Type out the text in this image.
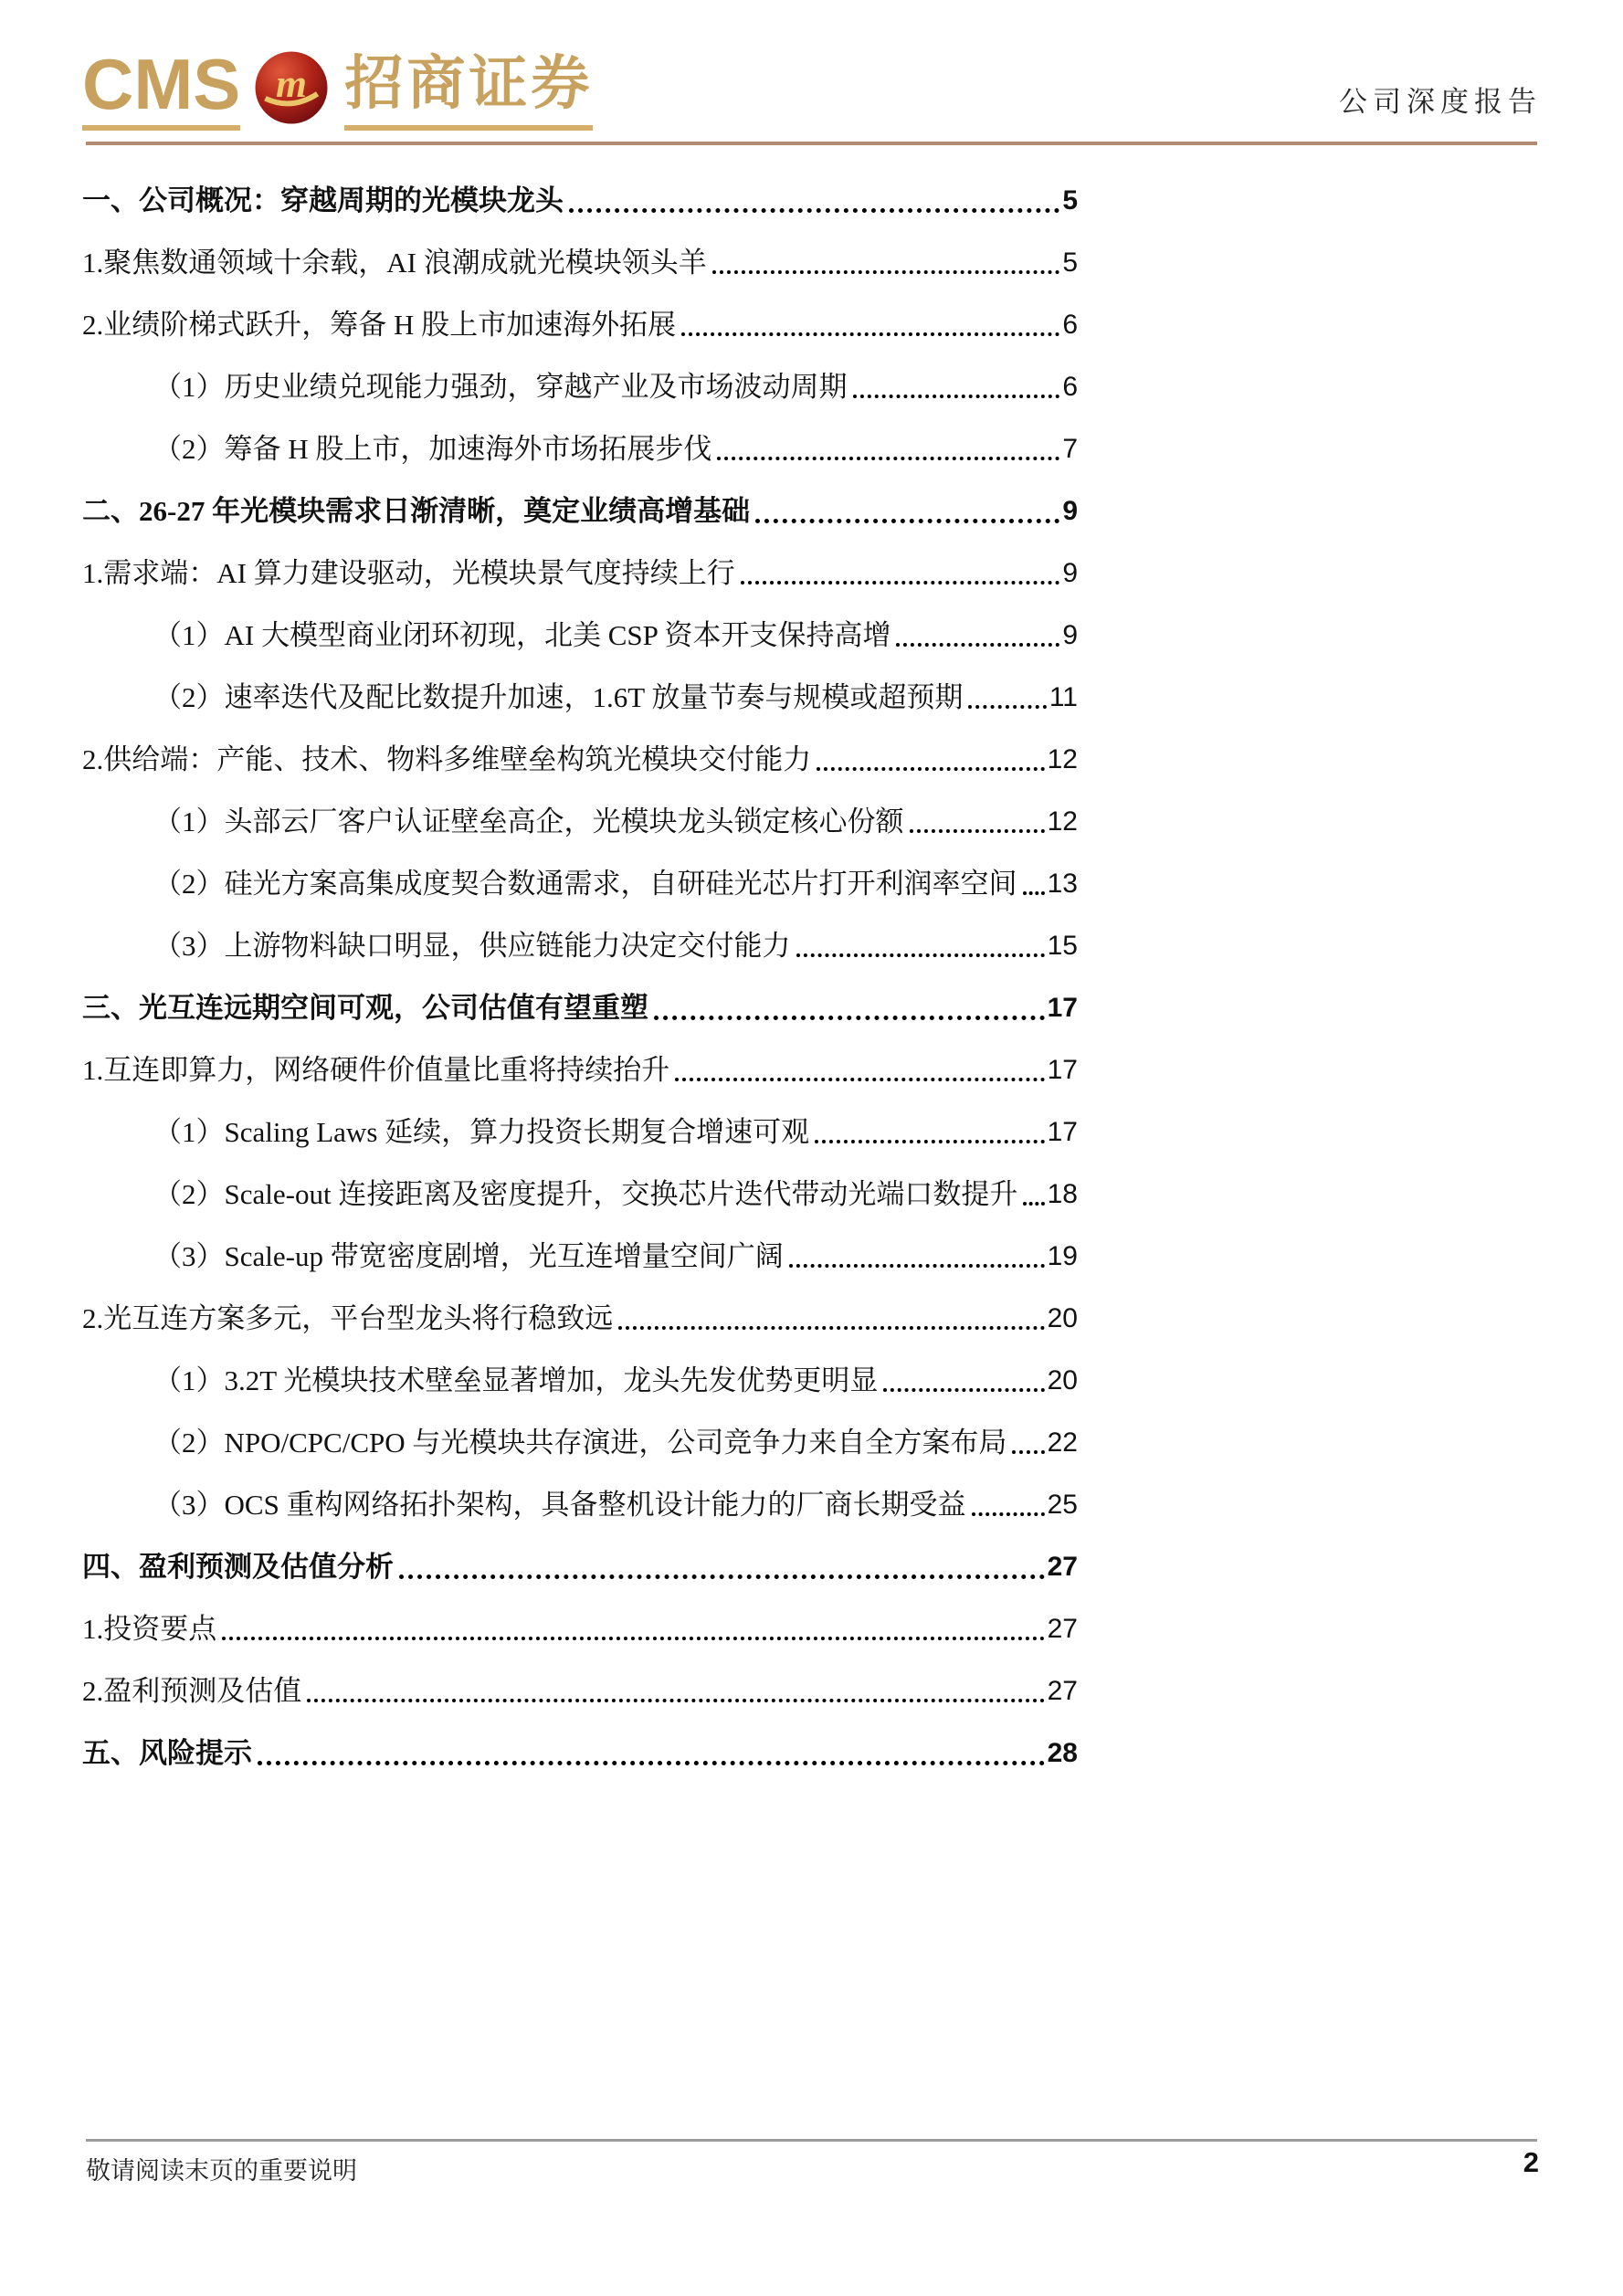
CMS m 招商证券	公司深度报告
一、公司概况：穿越周期的光模块龙头	5
1.聚焦数通领域十余载，AI 浪潮成就光模块领头羊	5
2.业绩阶梯式跃升，筹备 H 股上市加速海外拓展	6
（1）历史业绩兑现能力强劲，穿越产业及市场波动周期	6
（2）筹备 H 股上市，加速海外市场拓展步伐	7
二、26-27 年光模块需求日渐清晰，奠定业绩高增基础	9
1.需求端：AI 算力建设驱动，光模块景气度持续上行	9
（1）AI 大模型商业闭环初现，北美 CSP 资本开支保持高增	9
（2）速率迭代及配比数提升加速，1.6T 放量节奏与规模或超预期	11
2.供给端：产能、技术、物料多维壁垒构筑光模块交付能力	12
（1）头部云厂客户认证壁垒高企，光模块龙头锁定核心份额	12
（2）硅光方案高集成度契合数通需求，自研硅光芯片打开利润率空间 13
（3）上游物料缺口明显，供应链能力决定交付能力	15
三、光互连远期空间可观，公司估值有望重塑	17
1.互连即算力，网络硬件价值量比重将持续抬升	17
（1）Scaling Laws 延续，算力投资长期复合增速可观	17
（2）Scale-out 连接距离及密度提升，交换芯片迭代带动光端口数提升 18
（3）Scale-up 带宽密度剧增，光互连增量空间广阔	19
2.光互连方案多元，平台型龙头将行稳致远	20
（1）3.2T 光模块技术壁垒显著增加，龙头先发优势更明显	20
（2）NPO/CPC/CPO 与光模块共存演进，公司竞争力来自全方案布局 22
（3）OCS 重构网络拓扑架构，具备整机设计能力的厂商长期受益	25
四、盈利预测及估值分析	27
1.投资要点	27
2.盈利预测及估值	27
五、风险提示	28
敬请阅读末页的重要说明	2
